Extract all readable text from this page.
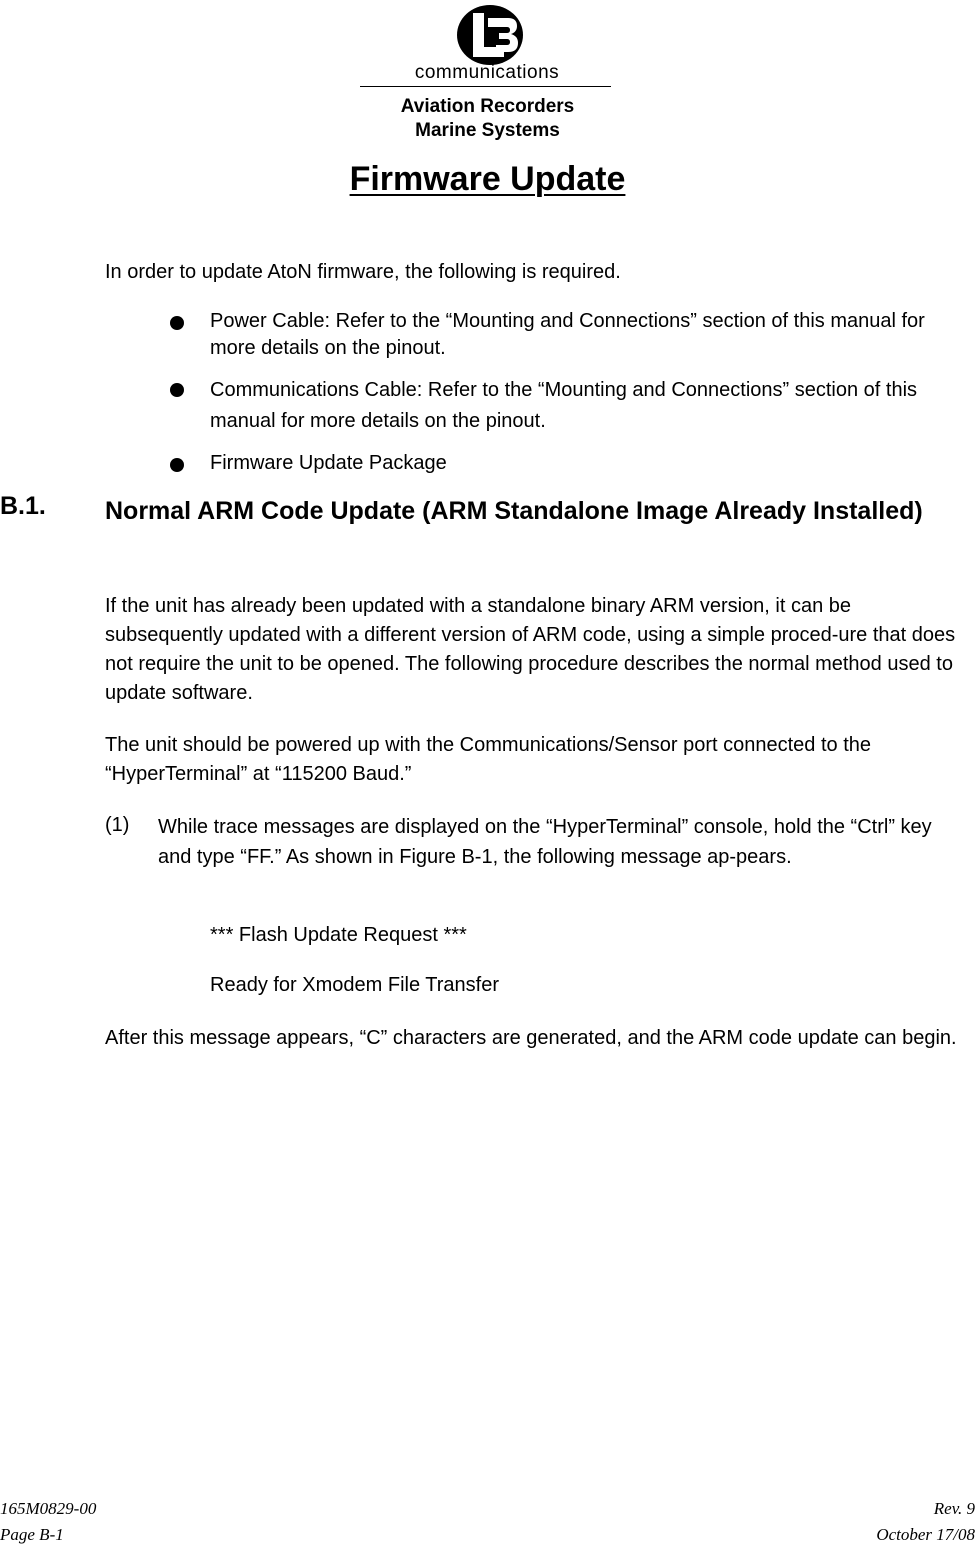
communications
Aviation Recorders
Marine Systems
Firmware Update
In order to update AtoN firmware, the following is required.
Power Cable: Refer to the “Mounting and Connections” section of this manual for more details on the pinout.
Communications Cable: Refer to the “Mounting and Connections” section of this manual for more details on the pinout.
Firmware Update Package
B.1. Normal ARM Code Update (ARM Standalone Image Already Installed)
If the unit has already been updated with a standalone binary ARM version, it can be subsequently updated with a different version of ARM code, using a simple proced-ure that does not require the unit to be opened. The following procedure describes the normal method used to update software.
The unit should be powered up with the Communications/Sensor port connected to the “HyperTerminal” at “115200 Baud.”
(1) While trace messages are displayed on the “HyperTerminal” console, hold the “Ctrl” key and type “FF.” As shown in Figure B-1, the following message ap-pears.
*** Flash Update Request ***
Ready for Xmodem File Transfer
After this message appears, “C” characters are generated, and the ARM code update can begin.
165M0829-00
Page B-1
Rev. 9
October 17/08
